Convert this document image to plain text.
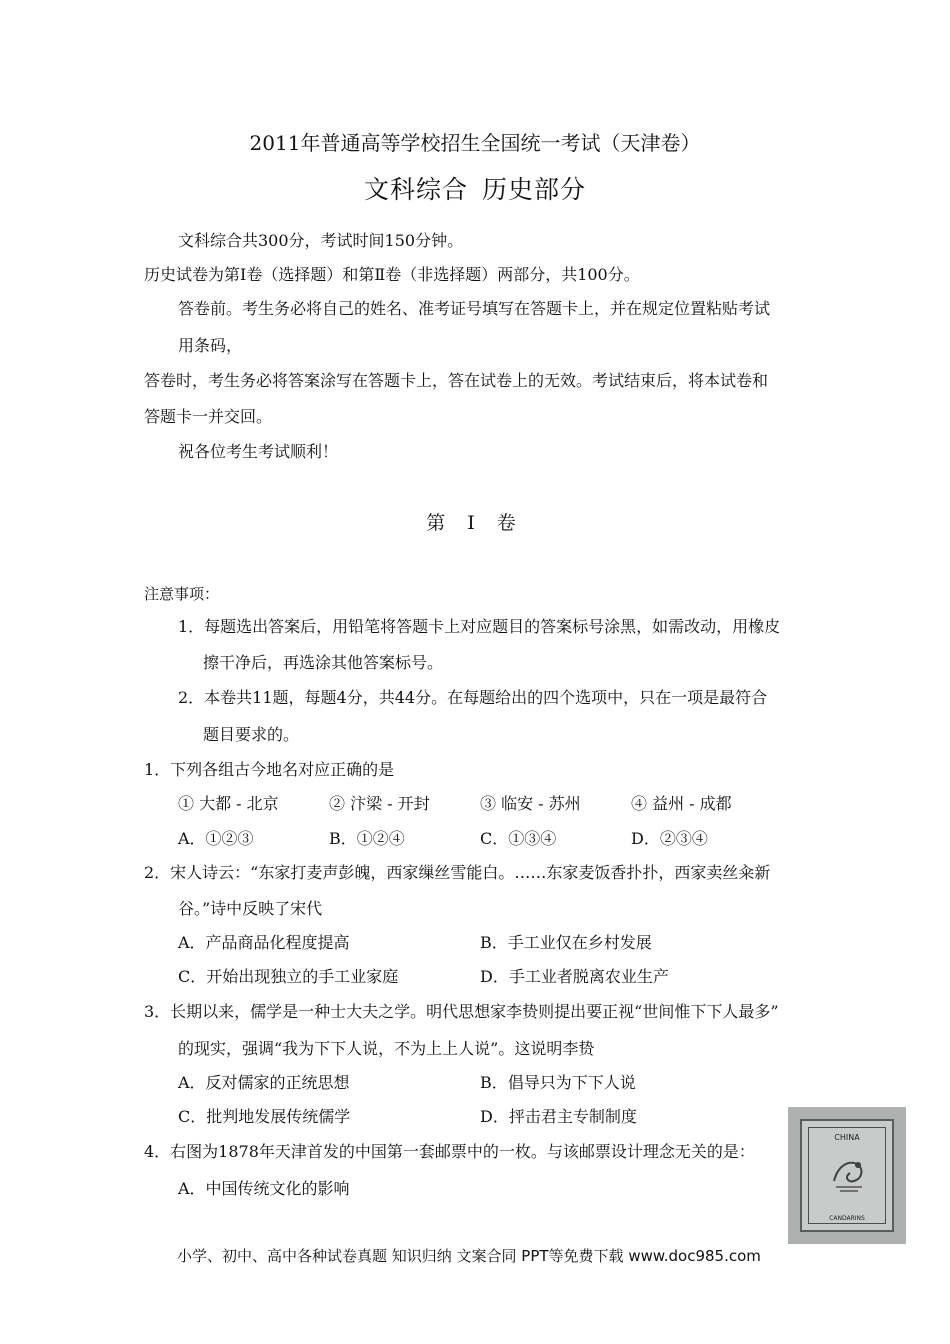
2011年普通高等学校招生全国统一考试（天津卷）
文科综合 历史部分
文科综合共300分，考试时间150分钟。
历史试卷为第Ⅰ卷（选择题）和第Ⅱ卷（非选择题）两部分，共100分。
答卷前。考生务必将自己的姓名、准考证号填写在答题卡上，并在规定位置粘贴考试
用条码，
答卷时，考生务必将答案涂写在答题卡上，答在试卷上的无效。考试结束后，将本试卷和
答题卡一并交回。
祝各位考生考试顺利！
第 Ⅰ 卷
注意事项：
1．每题选出答案后，用铅笔将答题卡上对应题目的答案标号涂黑，如需改动，用橡皮
擦干净后，再选涂其他答案标号。
2．本卷共11题，每题4分，共44分。在每题给出的四个选项中，只在一项是最符合
题目要求的。
1．下列各组古今地名对应正确的是
① 大都 - 北京	② 汴梁 - 开封	③ 临安 - 苏州	④ 益州 - 成都
A．①②③	B．①②④	C．①③④	D．②③④
2．宋人诗云：“东家打麦声彭魄，西家缫丝雪能白。……东家麦饭香扑扑，西家卖丝籴新
谷。”诗中反映了宋代
A．产品商品化程度提高	B．手工业仅在乡村发展
C．开始出现独立的手工业家庭	D．手工业者脱离农业生产
3．长期以来，儒学是一种士大夫之学。明代思想家李贽则提出要正视“世间惟下下人最多”
的现实，强调“我为下下人说，不为上上人说”。这说明李贽
A．反对儒家的正统思想	B．倡导只为下下人说
C．批判地发展传统儒学	D．抨击君主专制制度
4．右图为1878年天津首发的中国第一套邮票中的一枚。与该邮票设计理念无关的是：
A．中国传统文化的影响
CHINA
CANDARINS
小学、初中、高中各种试卷真题 知识归纳 文案合同 PPT等免费下载 www.doc985.com
